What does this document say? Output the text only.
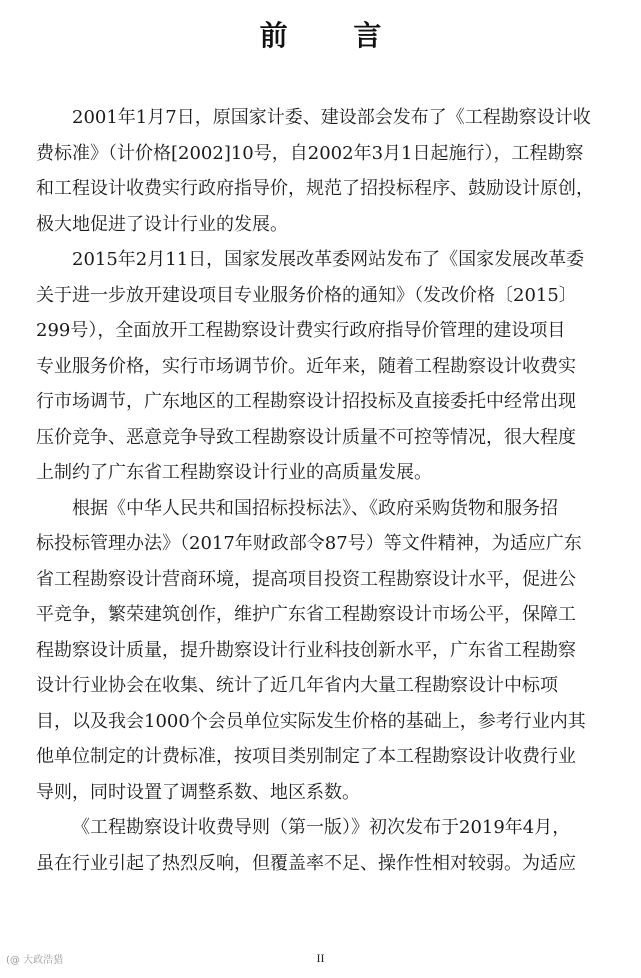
前 言
2001年1月7日，原国家计委、建设部会发布了《工程勘察设计收
费标准》（计价格[2002]10号，自2002年3月1日起施行），工程勘察
和工程设计收费实行政府指导价，规范了招投标程序、鼓励设计原创，
极大地促进了设计行业的发展。
2015年2月11日，国家发展改革委网站发布了《国家发展改革委
关于进一步放开建设项目专业服务价格的通知》（发改价格〔2015〕
299号），全面放开工程勘察设计费实行政府指导价管理的建设项目
专业服务价格，实行市场调节价。近年来，随着工程勘察设计收费实
行市场调节，广东地区的工程勘察设计招投标及直接委托中经常出现
压价竞争、恶意竞争导致工程勘察设计质量不可控等情况，很大程度
上制约了广东省工程勘察设计行业的高质量发展。
根据《中华人民共和国招标投标法》、《政府采购货物和服务招
标投标管理办法》（2017年财政部令87号）等文件精神，为适应广东
省工程勘察设计营商环境，提高项目投资工程勘察设计水平，促进公
平竞争，繁荣建筑创作，维护广东省工程勘察设计市场公平，保障工
程勘察设计质量，提升勘察设计行业科技创新水平，广东省工程勘察
设计行业协会在收集、统计了近几年省内大量工程勘察设计中标项
目，以及我会1000个会员单位实际发生价格的基础上，参考行业内其
他单位制定的计费标准，按项目类别制定了本工程勘察设计收费行业
导则，同时设置了调整系数、地区系数。
《工程勘察设计收费导则（第一版）》初次发布于2019年4月，
虽在行业引起了热烈反响，但覆盖率不足、操作性相对较弱。为适应
II
(@ 大政浩猎
